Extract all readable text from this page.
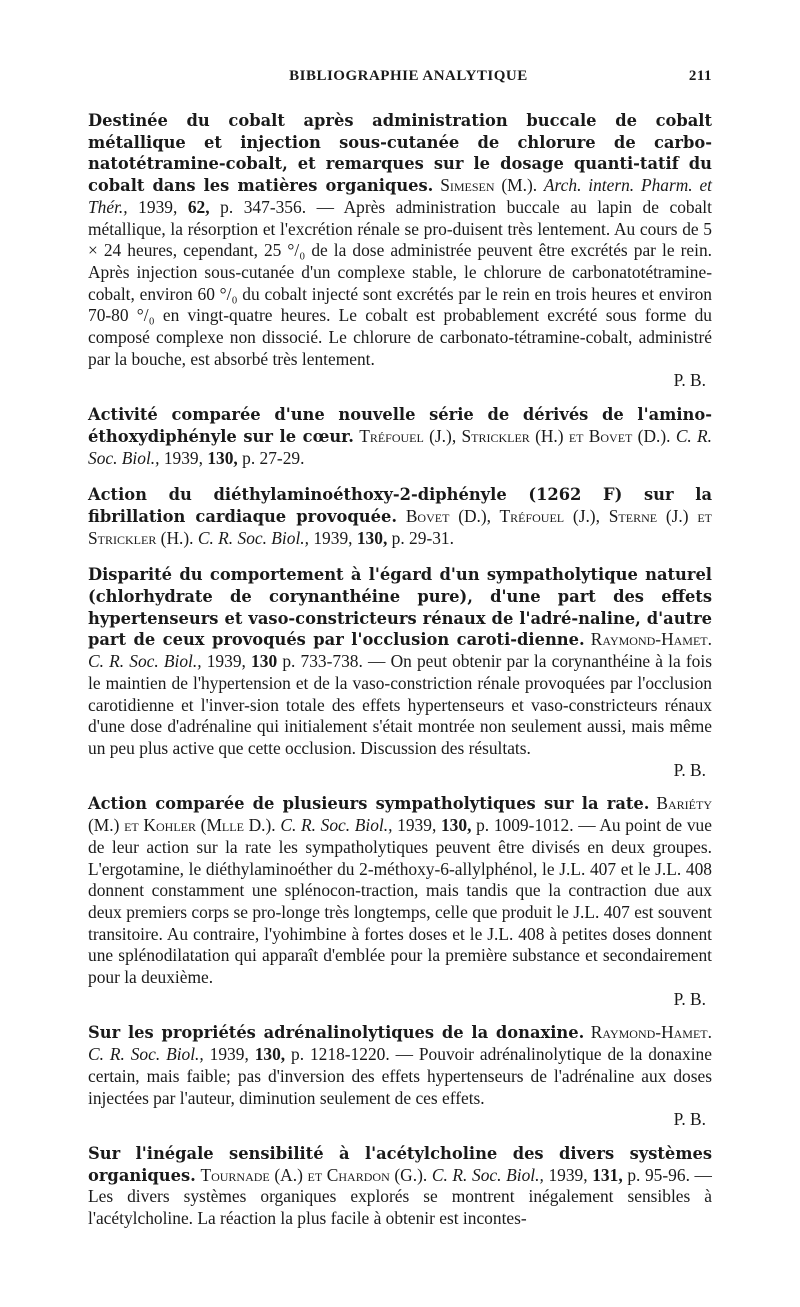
BIBLIOGRAPHIE ANALYTIQUE	211

Destinée du cobalt après administration buccale de cobalt métallique et injection sous-cutanée de chlorure de carbo-natotétramine-cobalt, et remarques sur le dosage quanti-tatif du cobalt dans les matières organiques. Simesen (M.). Arch. intern. Pharm. et Thér., 1939, 62, p. 347-356. — Après administration buccale au lapin de cobalt métallique, la résorption et l'excrétion rénale se pro-duisent très lentement. Au cours de 5 × 24 heures, cependant, 25 °/₀ de la dose administrée peuvent être excrétés par le rein. Après injection sous-cutanée d'un complexe stable, le chlorure de carbonatotétramine-cobalt, environ 60 °/₀ du cobalt injecté sont excrétés par le rein en trois heures et environ 70-80 °/₀ en vingt-quatre heures. Le cobalt est probablement excrété sous forme du composé complexe non dissocié. Le chlorure de carbonato-tétramine-cobalt, administré par la bouche, est absorbé très lentement.

P. B.

Activité comparée d'une nouvelle série de dérivés de l'amino-éthoxydiphényle sur le cœur. Tréfouel (J.), Strickler (H.) et Bovet (D.). C. R. Soc. Biol., 1939, 130, p. 27-29.

Action du diéthylaminoéthoxy-2-diphényle (1262 F) sur la fibrillation cardiaque provoquée. Bovet (D.), Tréfouel (J.), Sterne (J.) et Strickler (H.). C. R. Soc. Biol., 1939, 130, p. 29-31.

Disparité du comportement à l'égard d'un sympatholytique naturel (chlorhydrate de corynanthéine pure), d'une part des effets hypertenseurs et vaso-constricteurs rénaux de l'adré-naline, d'autre part de ceux provoqués par l'occlusion caroti-dienne. Raymond-Hamet. C. R. Soc. Biol., 1939, 130 p. 733-738. — On peut obtenir par la corynanthéine à la fois le maintien de l'hypertension et de la vaso-constriction rénale provoquées par l'occlusion carotidienne et l'inver-sion totale des effets hypertenseurs et vaso-constricteurs rénaux d'une dose d'adrénaline qui initialement s'était montrée non seulement aussi, mais même un peu plus active que cette occlusion. Discussion des résultats.

P. B.

Action comparée de plusieurs sympatholytiques sur la rate. Bariéty (M.) et Kohler (Mlle D.). C. R. Soc. Biol., 1939, 130, p. 1009-1012. — Au point de vue de leur action sur la rate les sympatholytiques peuvent être divisés en deux groupes. L'ergotamine, le diéthylaminoéther du 2-méthoxy-6-allylphénol, le J.L. 407 et le J.L. 408 donnent constamment une splénocon-traction, mais tandis que la contraction due aux deux premiers corps se pro-longe très longtemps, celle que produit le J.L. 407 est souvent transitoire. Au contraire, l'yohimbine à fortes doses et le J.L. 408 à petites doses donnent une splénodilatation qui apparaît d'emblée pour la première substance et secondairement pour la deuxième.

P. B.

Sur les propriétés adrénalinolytiques de la donaxine. Raymond-Hamet. C. R. Soc. Biol., 1939, 130, p. 1218-1220. — Pouvoir adrénalinolytique de la donaxine certain, mais faible; pas d'inversion des effets hypertenseurs de l'adrénaline aux doses injectées par l'auteur, diminution seulement de ces effets.

P. B.

Sur l'inégale sensibilité à l'acétylcholine des divers systèmes organiques. Tournade (A.) et Chardon (G.). C. R. Soc. Biol., 1939, 131, p. 95-96. — Les divers systèmes organiques explorés se montrent inégalement sensibles à l'acétylcholine. La réaction la plus facile à obtenir est incontes-
